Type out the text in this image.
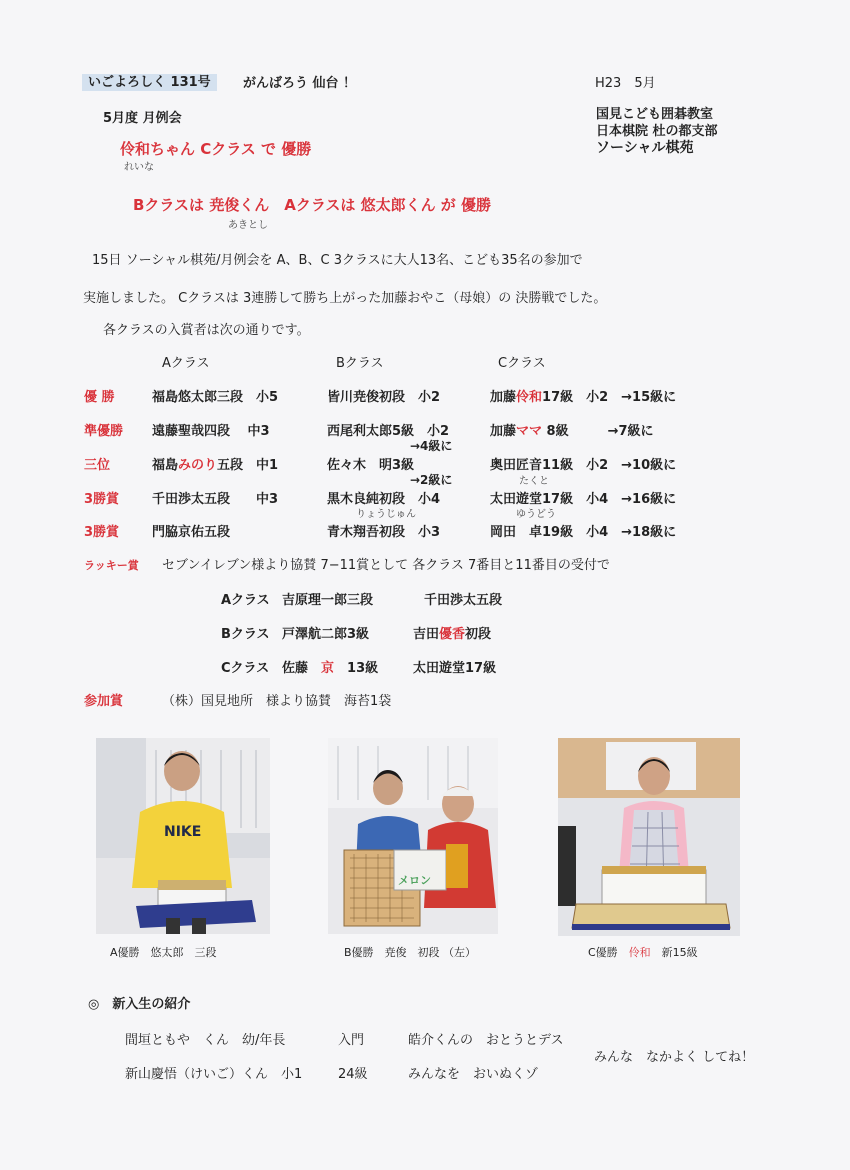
いごよろしく 131号	がんばろう 仙台 ！	H23　5月
国見こども囲碁教室
日本棋院 杜の都支部
ソーシャル棋苑
5月度 月例会
伶和ちゃん Cクラス で 優勝
れいな
Bクラスは 尭俊くん　Aクラスは 悠太郎くん が 優勝
あきとし
15日 ソーシャル棋苑/月例会を A、B、C 3クラスに大人13名、こども35名の参加で
実施しました。 Cクラスは 3連勝して勝ち上がった加藤おやこ（母娘）の 決勝戦でした。
各クラスの入賞者は次の通りです。
Aクラス	Bクラス	Cクラス
優 勝	福島悠太郎三段　小5	皆川尭俊初段　小2	加藤伶和17級　小2　→15級に
準優勝 遠藤聖哉四段　 中3	西尾利太郎5級　小2	加藤ママ 8級　　　→7級に
→4級に
三位	福島みのり五段　中1	佐々木　明3級	奥田匠音11級　小2　→10級に
→2級に	たくと
3勝賞	千田渉太五段　　中3	黒木良純初段　小4	太田遊堂17級　小4　→16級に
りょうじゅん	ゆうどう
3勝賞	門脇京佑五段	青木翔吾初段　小3	岡田　卓19級　小4　→18級に
ラッキー賞 セブンイレブン様より協賛 7−11賞として 各クラス 7番目と11番目の受付で
Aクラス 吉原理一郎三段	千田渉太五段
Bクラス 戸澤航二郎3級	吉田優香初段
Cクラス 佐藤　京　13級	太田遊堂17級
参加賞	（株）国見地所　様より協賛　海苔1袋
NIKE
A優勝　悠太郎　三段
メロン
B優勝　尭俊　初段 （左）	C優勝　伶和　新15級
◎　新入生の紹介
間垣ともや　くん　幼/年長	入門	皓介くんの　おとうとデス
新山慶悟（けいご）くん　小1	24級	みんなを　おいぬくゾ
みんな　なかよく してね！
